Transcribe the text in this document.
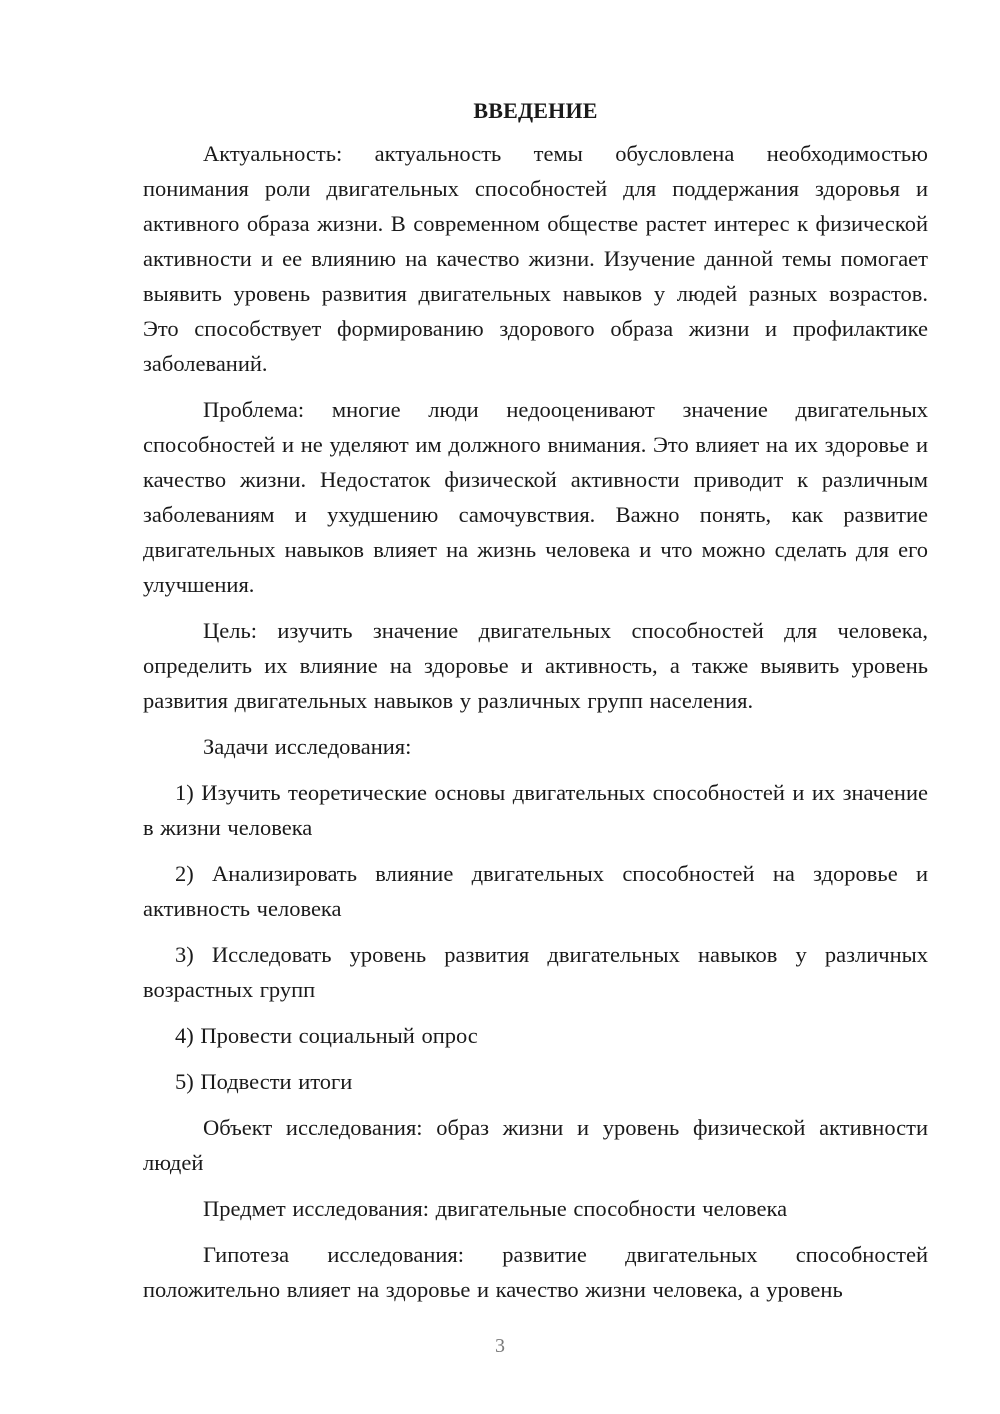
ВВЕДЕНИЕ

Актуальность: актуальность темы обусловлена необходимостью понимания роли двигательных способностей для поддержания здоровья и активного образа жизни. В современном обществе растет интерес к физической активности и ее влиянию на качество жизни. Изучение данной темы помогает выявить уровень развития двигательных навыков у людей разных возрастов. Это способствует формированию здорового образа жизни и профилактике заболеваний.

Проблема: многие люди недооценивают значение двигательных способностей и не уделяют им должного внимания. Это влияет на их здоровье и качество жизни. Недостаток физической активности приводит к различным заболеваниям и ухудшению самочувствия. Важно понять, как развитие двигательных навыков влияет на жизнь человека и что можно сделать для его улучшения.

Цель: изучить значение двигательных способностей для человека, определить их влияние на здоровье и активность, а также выявить уровень развития двигательных навыков у различных групп населения.

Задачи исследования:

1) Изучить теоретические основы двигательных способностей и их значение в жизни человека

2) Анализировать влияние двигательных способностей на здоровье и активность человека

3) Исследовать уровень развития двигательных навыков у различных возрастных групп

4) Провести социальный опрос

5) Подвести итоги

Объект исследования: образ жизни и уровень физической активности людей

Предмет исследования: двигательные способности человека

Гипотеза исследования: развитие двигательных способностей положительно влияет на здоровье и качество жизни человека, а уровень

3
